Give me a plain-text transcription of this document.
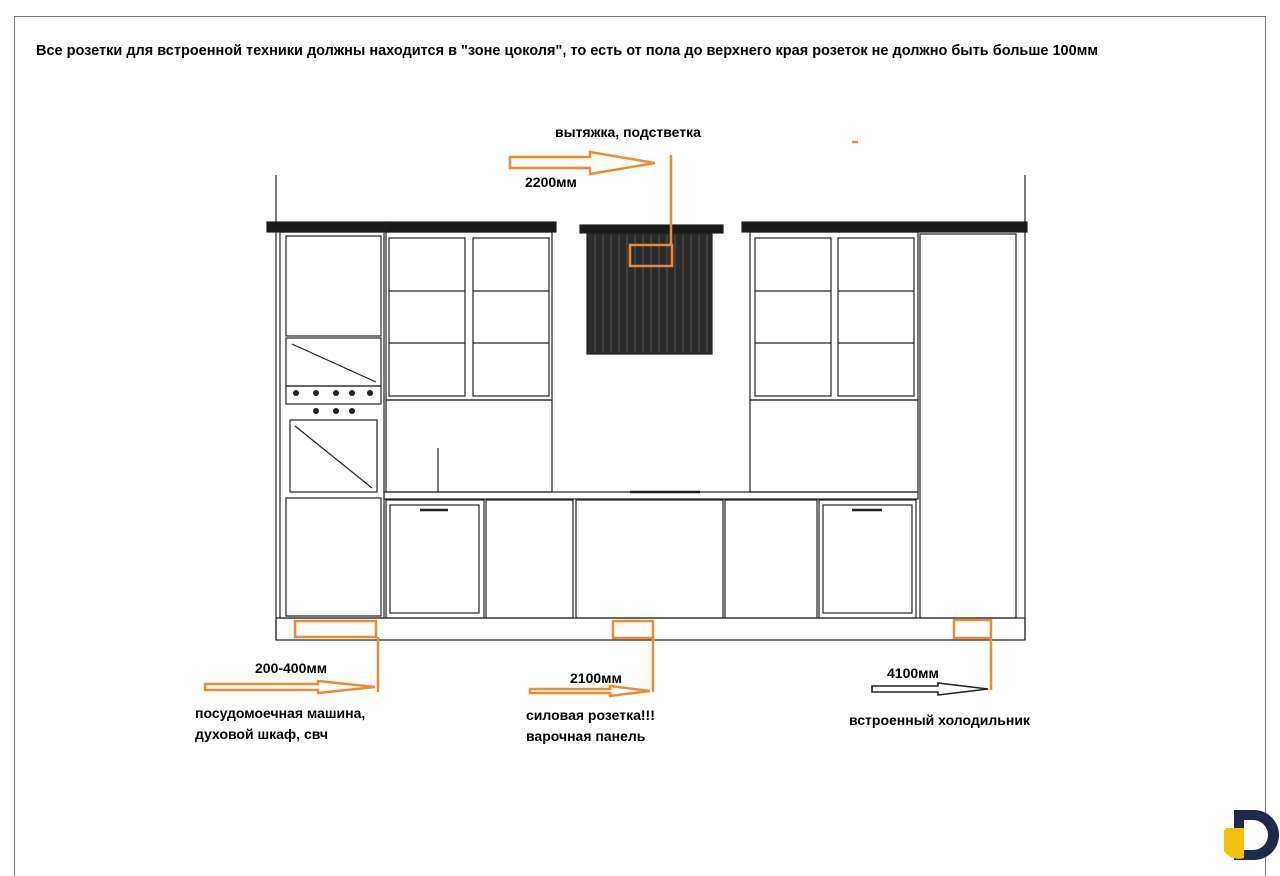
Все розетки для встроенной техники должны находится в "зоне цоколя", то есть от пола до верхнего края розеток не должно быть больше 100мм
вытяжка, подстветка
2200мм
200-400мм
посудомоечная машина,
духовой шкаф, свч
2100мм
силовая розетка!!!
варочная панель
4100мм
встроенный холодильник
